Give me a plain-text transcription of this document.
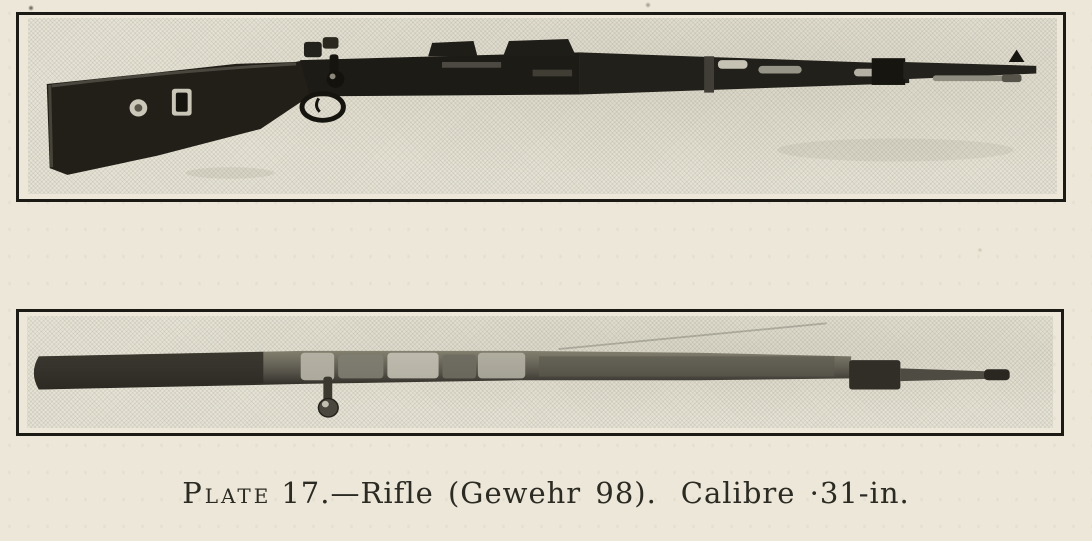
Plate 17.—Rifle (Gewehr 98). Calibre ·31-in.
